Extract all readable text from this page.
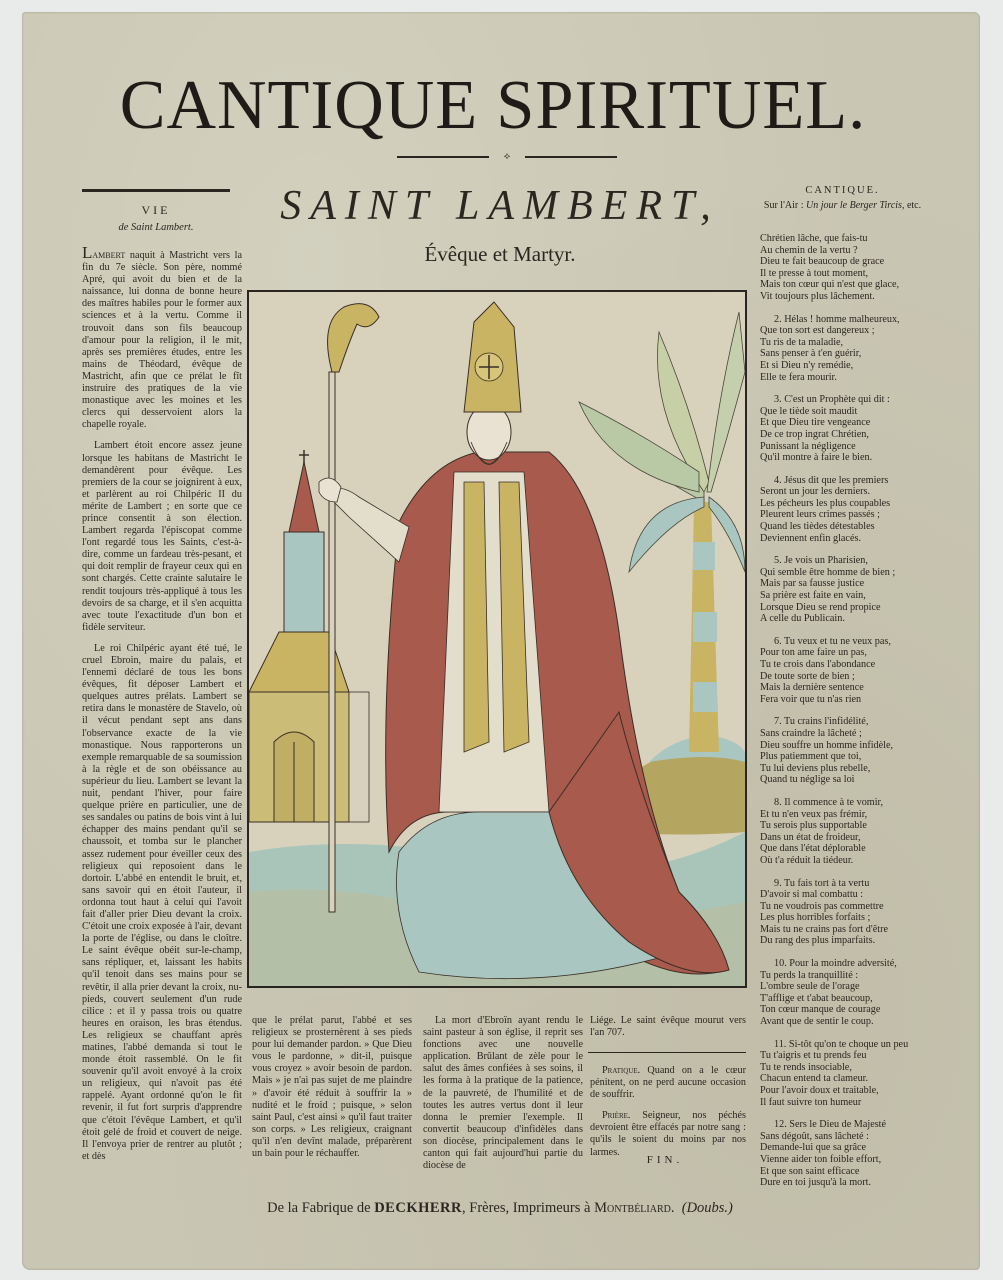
CANTIQUE SPIRITUEL.
⟡
VIE
de Saint Lambert.

LAMBERT naquit à Mastricht vers la fin du 7e siècle. Son père, nommé Apré, qui avoit du bien et de la naissance, lui donna de bonne heure des maîtres habiles pour le former aux sciences et à la vertu. Comme il trouvoit dans son fils beaucoup d'amour pour la religion, il le mit, après ses premières études, entre les mains de Théodard, évêque de Mastricht, afin que ce prélat le fît instruire des pratiques de la vie monastique avec les moines et les clercs qui desservoient alors la chapelle royale.

Lambert étoit encore assez jeune lorsque les habitans de Mastricht le demandèrent pour évêque. Les premiers de la cour se joignirent à eux, et parlèrent au roi Chilpéric II du mérite de Lambert ; en sorte que ce prince consentit à son élection. Lambert regarda l'épiscopat comme l'ont regardé tous les Saints, c'est-à-dire, comme un fardeau très-pesant, et qui doit remplir de frayeur ceux qui en sont chargés. Cette crainte salutaire le rendit toujours très-appliqué à tous les devoirs de sa charge, et il s'en acquitta avec toute l'exactitude d'un bon et fidèle serviteur.

Le roi Chilpéric ayant été tué, le cruel Ebroin, maire du palais, et l'ennemi déclaré de tous les bons évêques, fit déposer Lambert et quelques autres prélats. Lambert se retira dans le monastère de Stavelo, où il vécut pendant sept ans dans l'observance exacte de la vie monastique. Nous rapporterons un exemple remarquable de sa soumission à la règle et de son obéissance au supérieur du lieu. Lambert se levant la nuit, pendant l'hiver, pour faire quelque prière en particulier, une de ses sandales ou patins de bois vint à lui échapper des mains pendant qu'il se chaussoit, et tomba sur le plancher assez rudement pour éveiller ceux des religieux qui reposoient dans le dortoir. L'abbé en entendit le bruit, et, sans savoir qui en étoit l'auteur, il ordonna tout haut à celui qui l'avoit fait d'aller prier Dieu devant la croix. C'étoit une croix exposée à l'air, devant la porte de l'église, ou dans le cloître. Le saint évêque obéit sur-le-champ, sans répliquer, et, laissant les habits qu'il tenoit dans ses mains pour se revêtir, il alla prier devant la croix, nu-pieds, couvert seulement d'un rude cilice : et il y passa trois ou quatre heures en oraison, les bras étendus. Les religieux se chauffant après matines, l'abbé demanda si tout le monde étoit rassemblé. On le fit souvenir qu'il avoit envoyé à la croix un religieux, qui n'avoit pas été rappelé. Ayant ordonné qu'on le fit revenir, il fut fort surpris d'apprendre que c'étoit l'évêque Lambert, et qu'il étoit gelé de froid et couvert de neige. Il l'envoya prier de rentrer au plutôt ; et dès

SAINT LAMBERT,
Évêque et Martyr.

que le prélat parut, l'abbé et ses religieux se prosternèrent à ses pieds pour lui demander pardon. » Que Dieu vous le pardonne, » dit-il, puisque vous croyez » avoir besoin de pardon. Mais » je n'ai pas sujet de me plaindre » d'avoir été réduit à souffrir la » nudité et le froid ; puisque, » selon saint Paul, c'est ainsi » qu'il faut traiter son corps. » Les religieux, craignant qu'il n'en devînt malade, préparèrent un bain pour le réchauffer.

La mort d'Ebroïn ayant rendu le saint pasteur à son église, il reprit ses fonctions avec une nouvelle application. Brûlant de zèle pour le salut des âmes confiées à ses soins, il les forma à la pratique de la patience, de la pauvreté, de l'humilité et de toutes les autres vertus dont il leur donna le premier l'exemple. Il convertit beaucoup d'infidèles dans son diocèse, principalement dans le canton qui fait aujourd'hui partie du diocèse de

Liége. Le saint évêque mourut vers l'an 707.

Pratique. Quand on a le cœur pénitent, on ne perd aucune occasion de souffrir.

Prière. Seigneur, nos péchés devroient être effacés par notre sang : qu'ils le soient du moins par nos larmes.

FIN.
CANTIQUE.
Sur l'Air : Un jour le Berger Tircis, etc.
Chrétien lâche, que fais-tu
Au chemin de la vertu ?
Dieu te fait beaucoup de grace
Il te presse à tout moment,
Mais ton cœur qui n'est que glace,
Vit toujours plus lâchement.
2. Hélas ! homme malheureux,
Que ton sort est dangereux ;
Tu ris de ta maladie,
Sans penser à t'en guérir,
Et si Dieu n'y remédie,
Elle te fera mourir.
3. C'est un Prophète qui dit :
Que le tiède soit maudit
Et que Dieu tire vengeance
De ce trop ingrat Chrétien,
Punissant la négligence
Qu'il montre à faire le bien.
4. Jésus dit que les premiers
Seront un jour les derniers.
Les pécheurs les plus coupables
Pleurent leurs crimes passés ;
Quand les tièdes détestables
Deviennent enfin glacés.
5. Je vois un Pharisien,
Qui semble être homme de bien ;
Mais par sa fausse justice
Sa prière est faite en vain,
Lorsque Dieu se rend propice
A celle du Publicain.
6. Tu veux et tu ne veux pas,
Pour ton ame faire un pas,
Tu te crois dans l'abondance
De toute sorte de bien ;
Mais la dernière sentence
Fera voir que tu n'as rien
7. Tu crains l'infidélité,
Sans craindre la lâcheté ;
Dieu souffre un homme infidèle,
Plus patiemment que toi,
Tu lui deviens plus rebelle,
Quand tu néglige sa loi
8. Il commence à te vomir,
Et tu n'en veux pas frémir,
Tu serois plus supportable
Dans un état de froideur,
Que dans l'état déplorable
Où t'a réduit la tiédeur.
9. Tu fais tort à ta vertu
D'avoir si mal combattu :
Tu ne voudrois pas commettre
Les plus horribles forfaits ;
Mais tu ne crains pas fort d'être
Du rang des plus imparfaits.
10. Pour la moindre adversité,
Tu perds la tranquillité :
L'ombre seule de l'orage
T'afflige et t'abat beaucoup,
Ton cœur manque de courage
Avant que de sentir le coup.
11. Si-tôt qu'on te choque un peu
Tu t'aigris et tu prends feu
Tu te rends insociable,
Chacun entend ta clameur.
Pour l'avoir doux et traitable,
Il faut suivre ton humeur
12. Sers le Dieu de Majesté
Sans dégoût, sans lâcheté :
Demande-lui que sa grâce
Vienne aider ton foible effort,
Et que son saint efficace
Dure en toi jusqu'à la mort.
De la Fabrique de DECKHERR, Frères, Imprimeurs à Montbéliard. (Doubs.)
